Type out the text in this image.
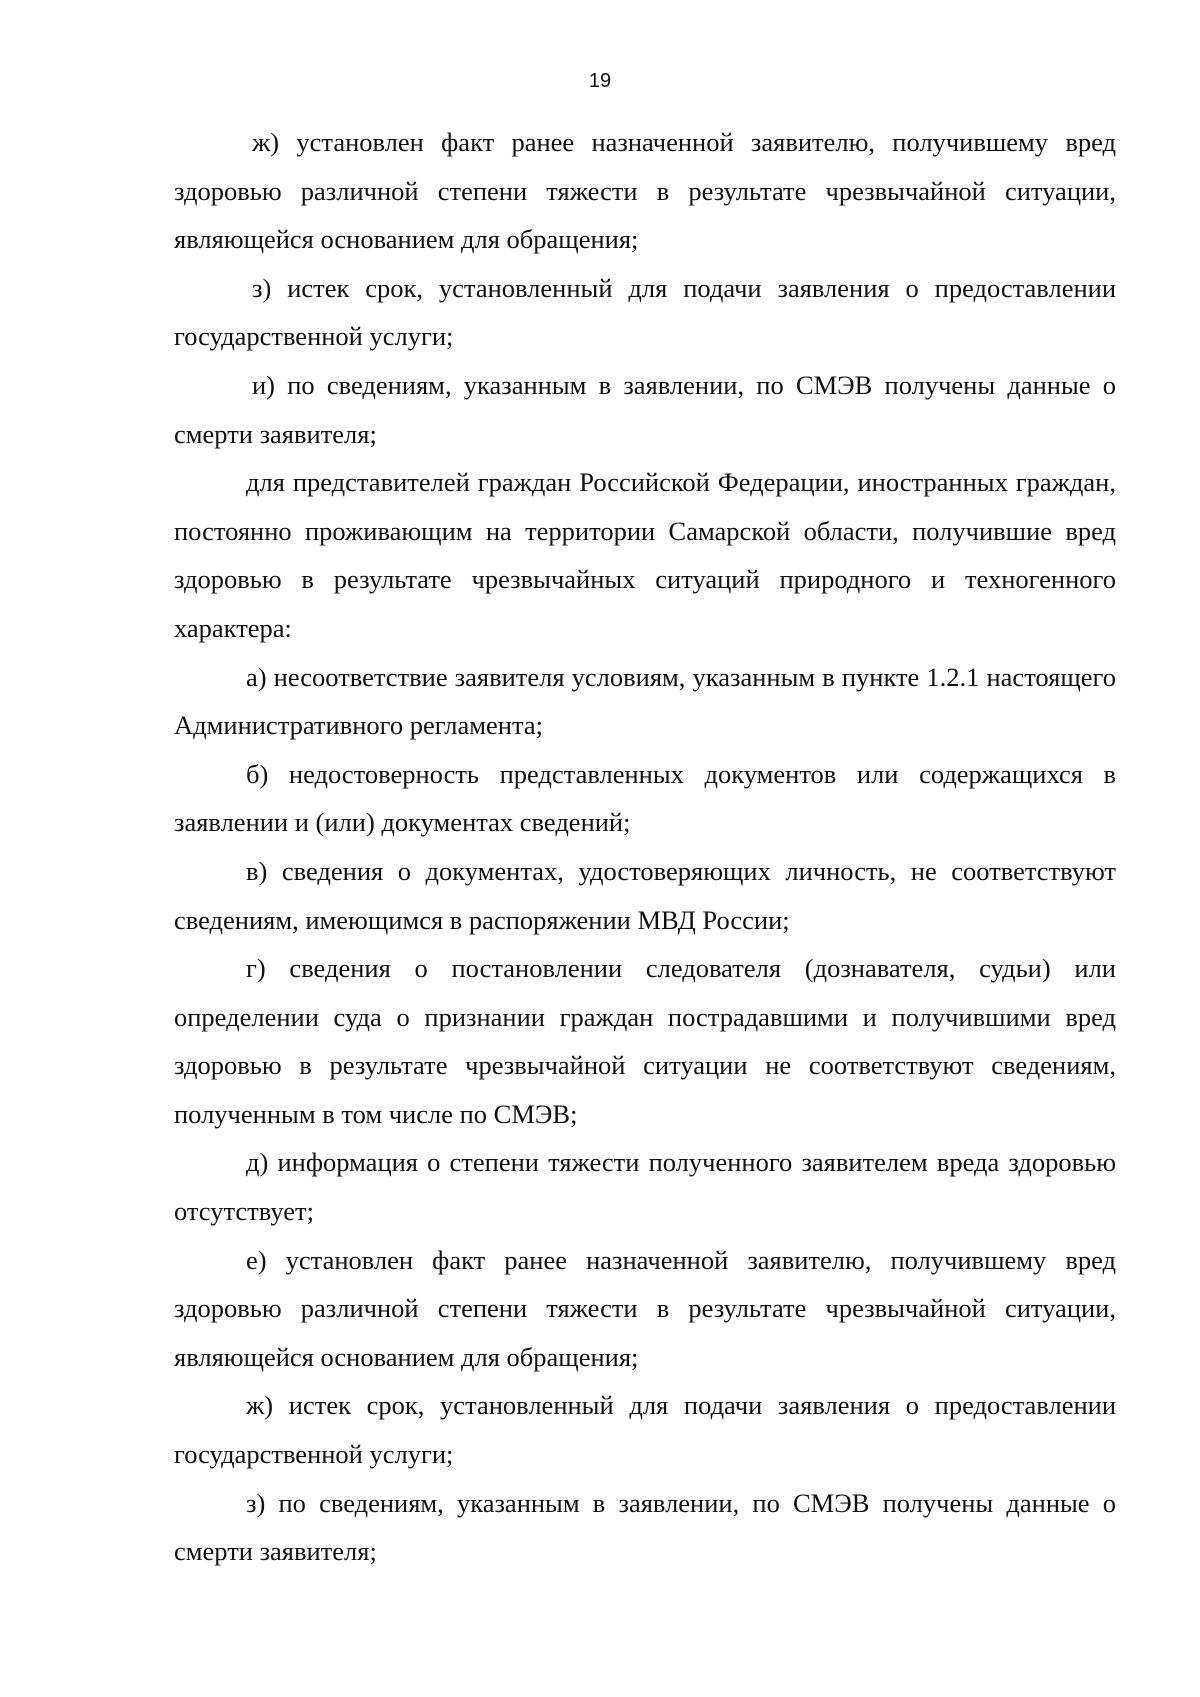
19

ж) установлен факт ранее назначенной заявителю, получившему вред здоровью различной степени тяжести в результате чрезвычайной ситуации, являющейся основанием для обращения;

з) истек срок, установленный для подачи заявления о предоставлении государственной услуги;

и) по сведениям, указанным в заявлении, по СМЭВ получены данные о смерти заявителя;

для представителей граждан Российской Федерации, иностранных граждан, постоянно проживающим на территории Самарской области, получившие вред здоровью в результате чрезвычайных ситуаций природного и техногенного характера:

а) несоответствие заявителя условиям, указанным в пункте 1.2.1 настоящего Административного регламента;

б) недостоверность представленных документов или содержащихся в заявлении и (или) документах сведений;

в) сведения о документах, удостоверяющих личность, не соответствуют сведениям, имеющимся в распоряжении МВД России;

г) сведения о постановлении следователя (дознавателя, судьи) или определении суда о признании граждан пострадавшими и получившими вред здоровью в результате чрезвычайной ситуации не соответствуют сведениям, полученным в том числе по СМЭВ;

д) информация о степени тяжести полученного заявителем вреда здоровью отсутствует;

е) установлен факт ранее назначенной заявителю, получившему вред здоровью различной степени тяжести в результате чрезвычайной ситуации, являющейся основанием для обращения;

ж) истек срок, установленный для подачи заявления о предоставлении государственной услуги;

з) по сведениям, указанным в заявлении, по СМЭВ получены данные о смерти заявителя;
